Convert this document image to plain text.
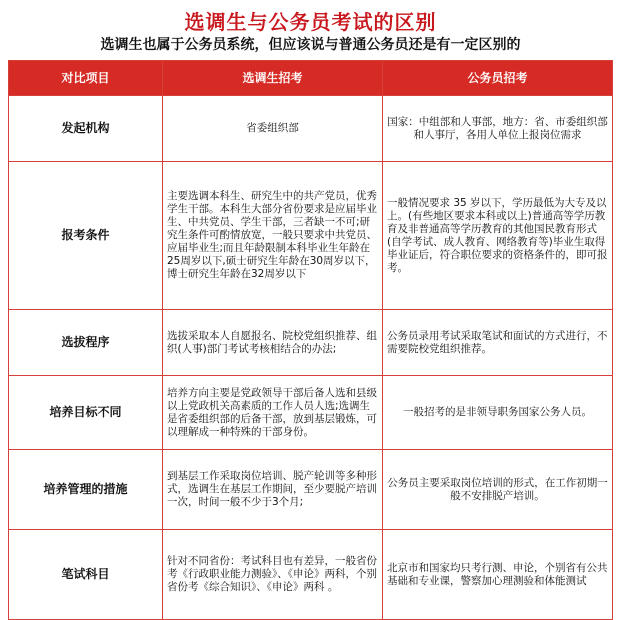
选调生与公务员考试的区别
选调生也属于公务员系统，但应该说与普通公务员还是有一定区别的
对比项目	选调生招考	公务员招考
发起机构	省委组织部	国家：中组部和人事部，地方：省、市委组织部和人事厅，各用人单位上报岗位需求
报考条件	主要选调本科生、研究生中的共产党员，优秀学生干部。本科生大部分省份要求是应届毕业生、中共党员、学生干部，三者缺一不可;研究生条件可酌情放宽，一般只要求中共党员、应届毕业生;而且年龄限制本科毕业生年龄在25周岁以下,硕士研究生年龄在30周岁以下，博士研究生年龄在32周岁以下	一般情况要求 35 岁以下，学历最低为大专及以上。(有些地区要求本科或以上)普通高等学历教育及非普通高等学历教育的其他国民教育形式(自学考试、成人教育、网络教育等)毕业生取得毕业证后，符合职位要求的资格条件的，即可报考。
选拔程序	选拔采取本人自愿报名、院校党组织推荐、组织(人事)部门考试考核相结合的办法;	公务员录用考试采取笔试和面试的方式进行，不需要院校党组织推荐。
培养目标不同	培养方向主要是党政领导干部后备人选和县级以上党政机关高素质的工作人员人选;选调生是省委组织部的后备干部，放到基层锻炼，可以理解成一种特殊的干部身份。	一般招考的是非领导职务国家公务人员。
培养管理的措施	到基层工作采取岗位培训、脱产轮训等多种形式，选调生在基层工作期间，至少要脱产培训一次，时间一般不少于3个月;	公务员主要采取岗位培训的形式，在工作初期一般不安排脱产培训。
笔试科目	针对不同省份：考试科目也有差异，一般省份考《行政职业能力测验》、《申论》两科，个别省份考《综合知识》、《申论》两科 。	北京市和国家均只考行测、申论，个别省有公共基础和专业课，警察加心理测验和体能测试
